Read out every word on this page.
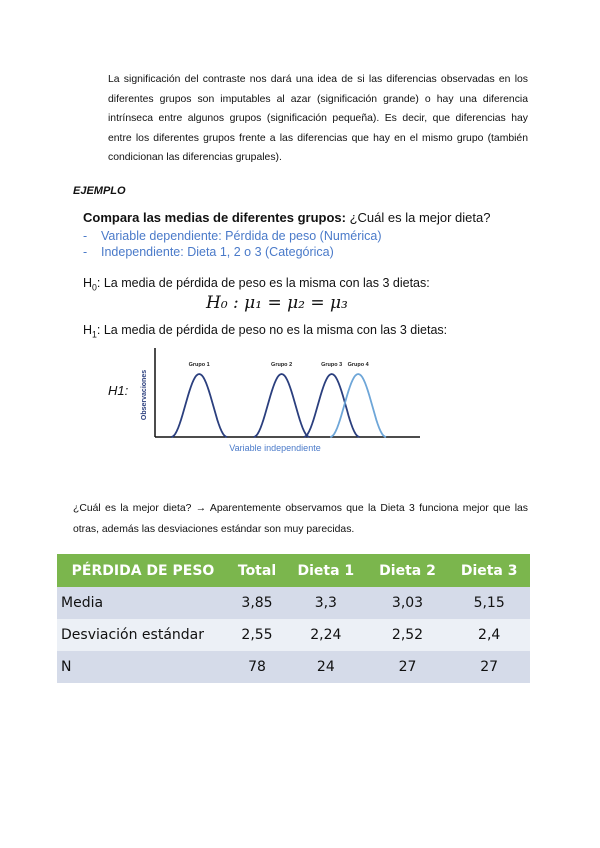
La significación del contraste nos dará una idea de si las diferencias observadas en los diferentes grupos son imputables al azar (significación grande) o hay una diferencia intrínseca entre algunos grupos (significación pequeña). Es decir, que diferencias hay entre los diferentes grupos frente a las diferencias que hay en el mismo grupo (también condicionan las diferencias grupales).

EJEMPLO

Compara las medias de diferentes grupos: ¿Cuál es la mejor dieta?

- Variable dependiente: Pérdida de peso (Numérica)
- Independiente: Dieta 1, 2 o 3 (Categórica)

$H_0$: La media de pérdida de peso es la misma con las 3 dietas:

H₀ : μ₁ = μ₂ = μ₃

$H_1$: La media de pérdida de peso no es la misma con las 3 dietas:

H1: Observaciones
Variable independiente
Grupo 1	Grupo 2	Grupo 3 Grupo 4

¿Cuál es la mejor dieta? → Aparentemente observamos que la Dieta 3 funciona mejor que las otras, además las desviaciones estándar son muy parecidas.

PÉRDIDA DE PESO	Total	Dieta 1	Dieta 2	Dieta 3
Media	3,85	3,3	3,03	5,15
Desviación estándar	2,55	2,24	2,52	2,4
N	78	24	27	27
